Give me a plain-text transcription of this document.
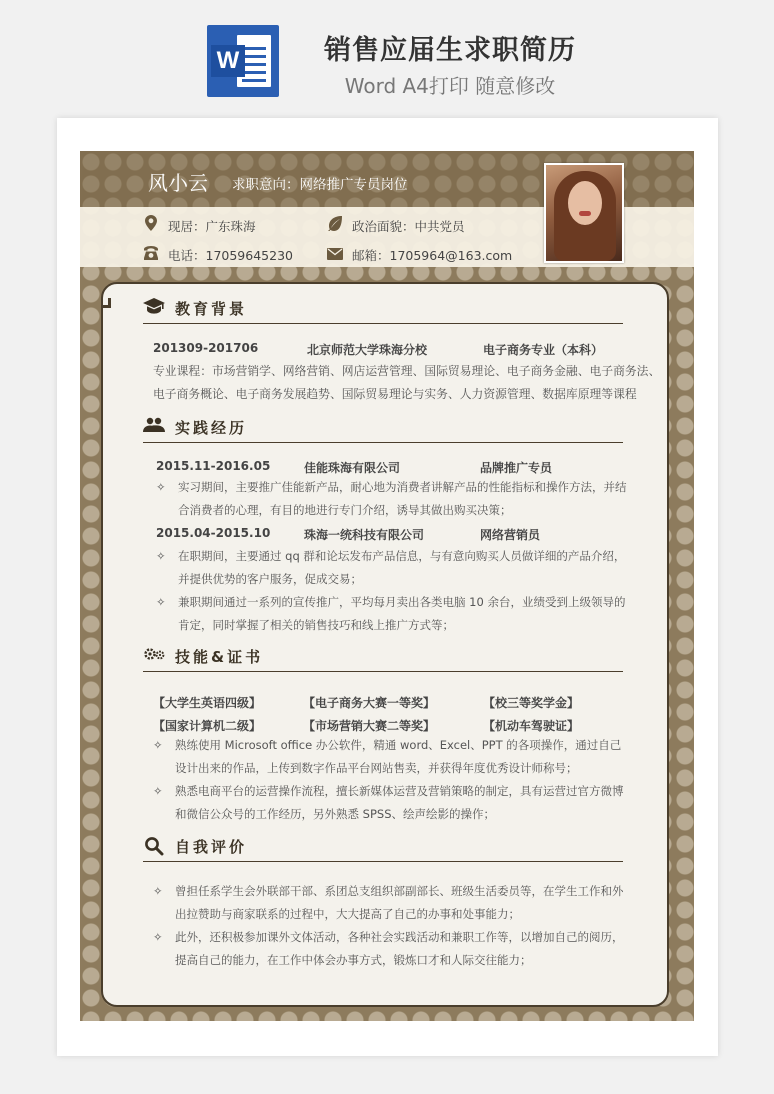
W	销售应届生求职简历
Word A4打印 随意修改
风小云 求职意向：网络推广专员岗位
现居：广东珠海	政治面貌：中共党员
电话：17059645230	邮箱：1705964@163.com
教育背景
201309-201706	北京师范大学珠海分校	电子商务专业（本科）
专业课程：市场营销学、网络营销、网店运营管理、国际贸易理论、电子商务金融、电子商务法、
电子商务概论、电子商务发展趋势、国际贸易理论与实务、人力资源管理、数据库原理等课程
实践经历
2015.11-2016.05	佳能珠海有限公司	品牌推广专员
✧	实习期间，主要推广佳能新产品，耐心地为消费者讲解产品的性能指标和操作方法，并结合消费者的心理，有目的地进行专门介绍，诱导其做出购买决策；
2015.04-2015.10	珠海一统科技有限公司	网络营销员
✧	在职期间，主要通过 qq 群和论坛发布产品信息，与有意向购买人员做详细的产品介绍，并提供优势的客户服务，促成交易；
✧	兼职期间通过一系列的宣传推广，平均每月卖出各类电脑 10 余台，业绩受到上级领导的肯定，同时掌握了相关的销售技巧和线上推广方式等；
技能&证书
【大学生英语四级】	【电子商务大赛一等奖】	【校三等奖学金】
【国家计算机二级】	【市场营销大赛二等奖】	【机动车驾驶证】
✧	熟练使用 Microsoft office 办公软件，精通 word、Excel、PPT 的各项操作，通过自己设计出来的作品，上传到数字作品平台网站售卖，并获得年度优秀设计师称号；
✧	熟悉电商平台的运营操作流程，擅长新媒体运营及营销策略的制定，具有运营过官方微博和微信公众号的工作经历，另外熟悉 SPSS、绘声绘影的操作；
自我评价
✧	曾担任系学生会外联部干部、系团总支组织部副部长、班级生活委员等，在学生工作和外出拉赞助与商家联系的过程中，大大提高了自己的办事和处事能力；
✧	此外，还积极参加课外文体活动，各种社会实践活动和兼职工作等，以增加自己的阅历，提高自己的能力，在工作中体会办事方式，锻炼口才和人际交往能力；
